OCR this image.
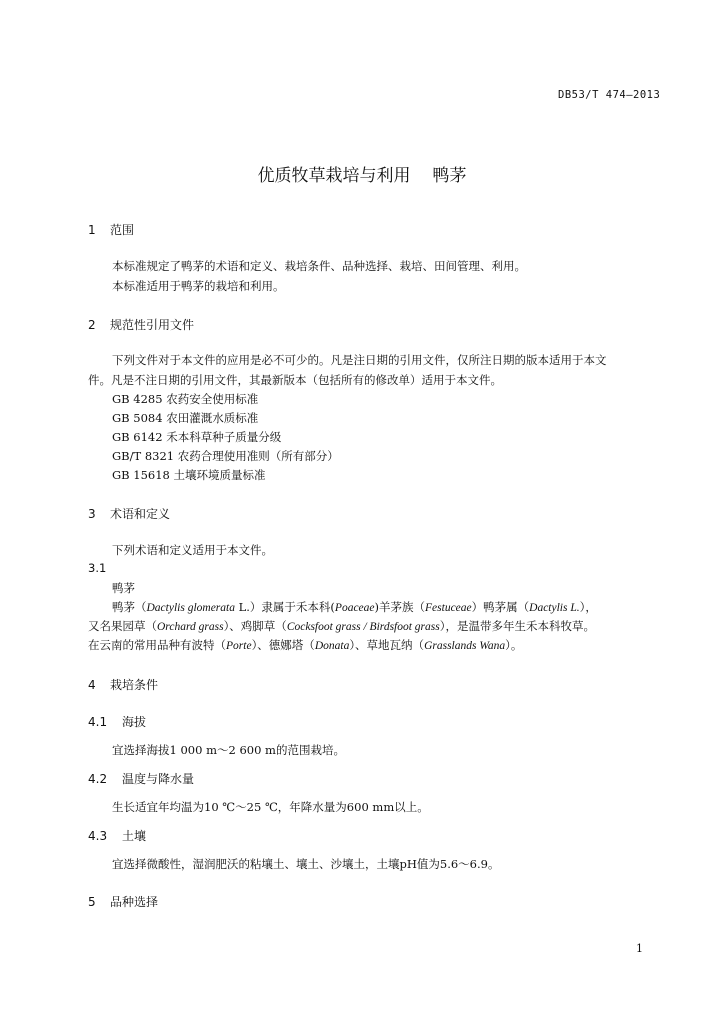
DB53/T 474—2013
优质牧草栽培与利用 鸭茅
1 范围
本标准规定了鸭茅的术语和定义、栽培条件、品种选择、栽培、田间管理、利用。
本标准适用于鸭茅的栽培和利用。
2 规范性引用文件
下列文件对于本文件的应用是必不可少的。凡是注日期的引用文件，仅所注日期的版本适用于本文
件。凡是不注日期的引用文件，其最新版本（包括所有的修改单）适用于本文件。
GB 4285 农药安全使用标准
GB 5084 农田灌溉水质标准
GB 6142 禾本科草种子质量分级
GB/T 8321 农药合理使用准则（所有部分）
GB 15618 土壤环境质量标准
3 术语和定义
下列术语和定义适用于本文件。
3.1
鸭茅
鸭茅（Dactylis glomerata L.）隶属于禾本科(Poaceae)羊茅族（Festuceae）鸭茅属（Dactylis L.），
又名果园草（Orchard grass）、鸡脚草（Cocksfoot grass / Birdsfoot grass），是温带多年生禾本科牧草。
在云南的常用品种有波特（Porte）、德娜塔（Donata）、草地瓦纳（Grasslands Wana）。
4 栽培条件
4.1 海拔
宜选择海拔1 000 m～2 600 m的范围栽培。
4.2 温度与降水量
生长适宜年均温为10 ℃～25 ℃，年降水量为600 mm以上。
4.3 土壤
宜选择微酸性，湿润肥沃的粘壤土、壤土、沙壤土，土壤pH值为5.6～6.9。
5 品种选择
1
